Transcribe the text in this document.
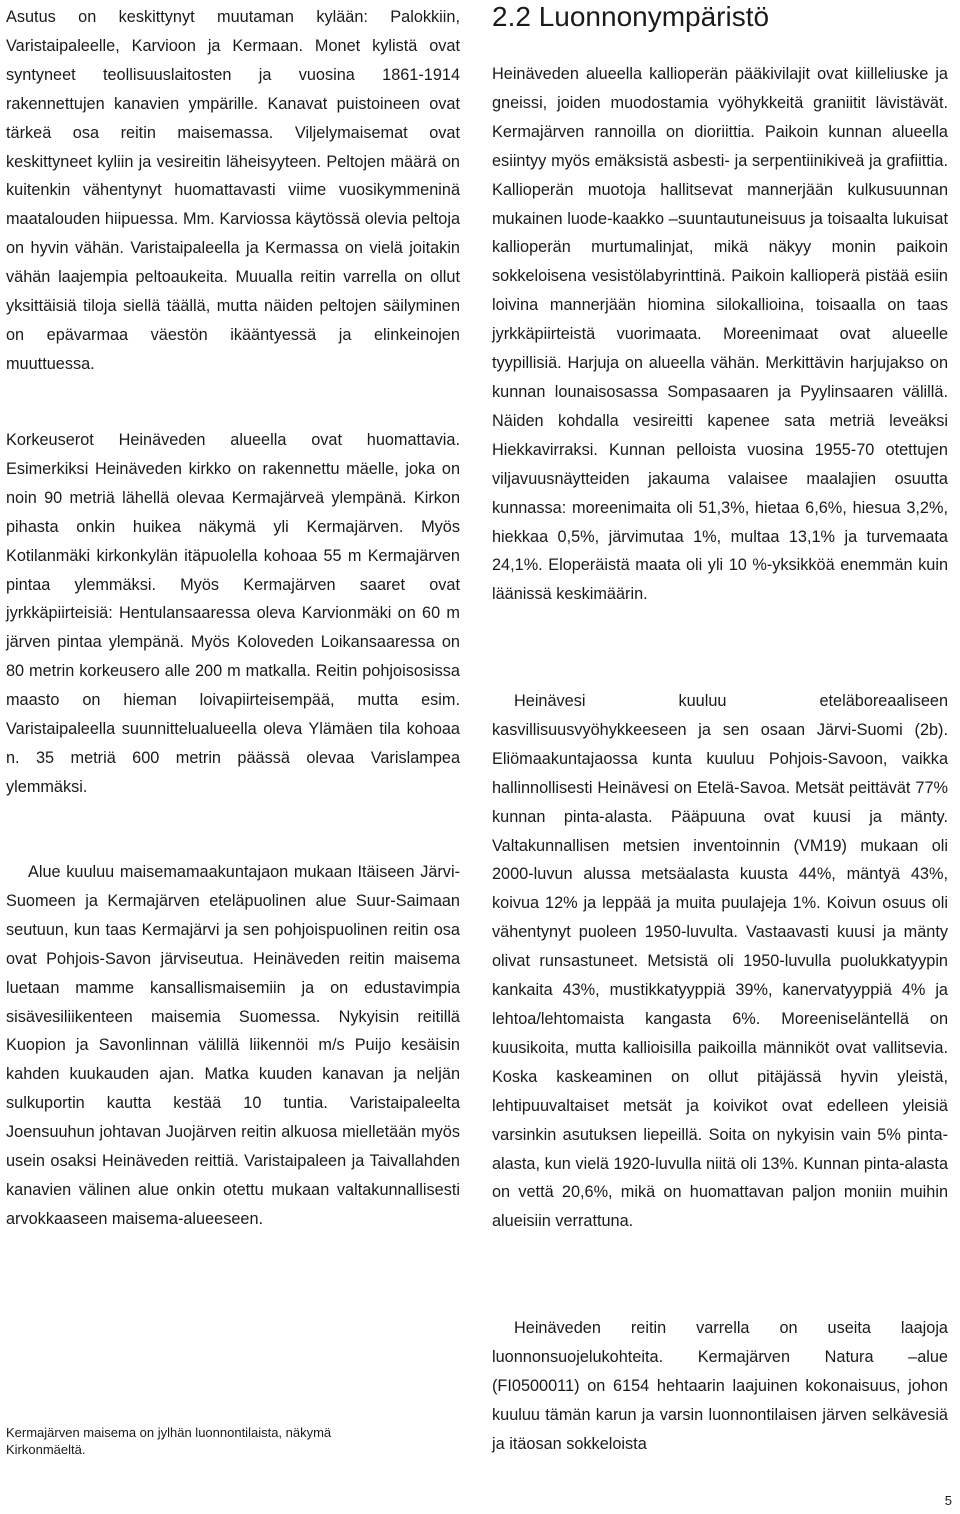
Asutus on keskittynyt muutaman kylään: Palokkiin, Varistaipaleelle, Karvioon ja Kermaan. Monet kylistä ovat syntyneet teollisuuslaitosten ja vuosina 1861-1914 rakennettujen kanavien ympärille. Kanavat puistoineen ovat tärkeä osa reitin maisemassa. Viljelymaisemat ovat keskittyneet kyliin ja vesireitin läheisyyteen. Peltojen määrä on kuitenkin vähentynyt huomattavasti viime vuosikymmeninä maatalouden hiipuessa. Mm. Karviossa käytössä olevia peltoja on hyvin vähän. Varistaipaleella ja Kermassa on vielä joitakin vähän laajempia peltoaukeita. Muualla reitin varrella on ollut yksittäisiä tiloja siellä täällä, mutta näiden peltojen säilyminen on epävarmaa väestön ikääntyessä ja elinkeinojen muuttuessa.

Korkeuserot Heinäveden alueella ovat huomattavia. Esimerkiksi Heinäveden kirkko on rakennettu mäelle, joka on noin 90 metriä lähellä olevaa Kermajärveä ylempänä. Kirkon pihasta onkin huikea näkymä yli Kermajärven. Myös Kotilanmäki kirkonkylän itäpuolella kohoaa 55 m Kermajärven pintaa ylemmäksi. Myös Kermajärven saaret ovat jyrkkäpiirteisiä: Hentulansaaressa oleva Karvionmäki on 60 m järven pintaa ylempänä. Myös Koloveden Loikansaaressa on 80 metrin korkeusero alle 200 m matkalla. Reitin pohjoisosissa maasto on hieman loivapiirteisempää, mutta esim. Varistaipaleella suunnittelualueella oleva Ylämäen tila kohoaa n. 35 metriä 600 metrin päässä olevaa Varislampea ylemmäksi.

Alue kuuluu maisemamaakuntajaon mukaan Itäiseen Järvi-Suomeen ja Kermajärven eteläpuolinen alue Suur-Saimaan seutuun, kun taas Kermajärvi ja sen pohjoispuolinen reitin osa ovat Pohjois-Savon järviseutua. Heinäveden reitin maisema luetaan mamme kansallismaisemiin ja on edustavimpia sisävesiliikenteen maisemia Suomessa. Nykyisin reitillä Kuopion ja Savonlinnan välillä liikennöi m/s Puijo kesäisin kahden kuukauden ajan. Matka kuuden kanavan ja neljän sulkuportin kautta kestää 10 tuntia. Varistaipaleelta Joensuuhun johtavan Juojärven reitin alkuosa mielletään myös usein osaksi Heinäveden reittiä. Varistaipaleen ja Taivallahden kanavien välinen alue onkin otettu mukaan valtakunnallisesti arvokkaaseen maisema-alueeseen.

2.2 Luonnonympäristö

Heinäveden alueella kallioperän pääkivilajit ovat kiilleliuske ja gneissi, joiden muodostamia vyöhykkeitä graniitit lävistävät. Kermajärven rannoilla on dioriittia. Paikoin kunnan alueella esiintyy myös emäksistä asbesti- ja serpentiinikiveä ja grafiittia. Kallioperän muotoja hallitsevat mannerjään kulkusuunnan mukainen luode-kaakko –suuntautuneisuus ja toisaalta lukuisat kallioperän murtumalinjat, mikä näkyy monin paikoin sokkeloisena vesistölabyrinttinä. Paikoin kallioperä pistää esiin loivina mannerjään hiomina silokallioina, toisaalla on taas jyrkkäpiirteistä vuorimaata. Moreenimaat ovat alueelle tyypillisiä. Harjuja on alueella vähän. Merkittävin harjujakso on kunnan lounaisosassa Sompasaaren ja Pyylinsaaren välillä. Näiden kohdalla vesireitti kapenee sata metriä leveäksi Hiekkavirraksi. Kunnan pelloista vuosina 1955-70 otettujen viljavuusnäytteiden jakauma valaisee maalajien osuutta kunnassa: moreenimaita oli 51,3%, hietaa 6,6%, hiesua 3,2%, hiekkaa 0,5%, järvimutaa 1%, multaa 13,1% ja turvemaata 24,1%. Eloperäistä maata oli yli 10 %-yksikköä enemmän kuin läänissä keskimäärin.

Heinävesi kuuluu eteläboreaaliseen kasvillisuusvyöhykkeeseen ja sen osaan Järvi-Suomi (2b). Eliömaakuntajaossa kunta kuuluu Pohjois-Savoon, vaikka hallinnollisesti Heinävesi on Etelä-Savoa. Metsät peittävät 77% kunnan pinta-alasta. Pääpuuna ovat kuusi ja mänty. Valtakunnallisen metsien inventoinnin (VM19) mukaan oli 2000-luvun alussa metsäalasta kuusta 44%, mäntyä 43%, koivua 12% ja leppää ja muita puulajeja 1%. Koivun osuus oli vähentynyt puoleen 1950-luvulta. Vastaavasti kuusi ja mänty olivat runsastuneet. Metsistä oli 1950-luvulla puolukkatyypin kankaita 43%, mustikkatyyppiä 39%, kanervatyyppiä 4% ja lehtoa/lehtomaista kangasta 6%. Moreeniseläntellä on kuusikoita, mutta kallioisilla paikoilla männiköt ovat vallitsevia. Koska kaskeaminen on ollut pitäjässä hyvin yleistä, lehtipuuvaltaiset metsät ja koivikot ovat edelleen yleisiä varsinkin asutuksen liepeillä. Soita on nykyisin vain 5% pinta-alasta, kun vielä 1920-luvulla niitä oli 13%. Kunnan pinta-alasta on vettä 20,6%, mikä on huomattavan paljon moniin muihin alueisiin verrattuna.

Heinäveden reitin varrella on useita laajoja luonnonsuojelukohteita. Kermajärven Natura –alue (FI0500011) on 6154 hehtaarin laajuinen kokonaisuus, johon kuuluu tämän karun ja varsin luonnontilaisen järven selkävesiä ja itäosan sokkeloista

Kermajärven maisema on jylhän luonnontilaista, näkymä Kirkonmäeltä.

5
